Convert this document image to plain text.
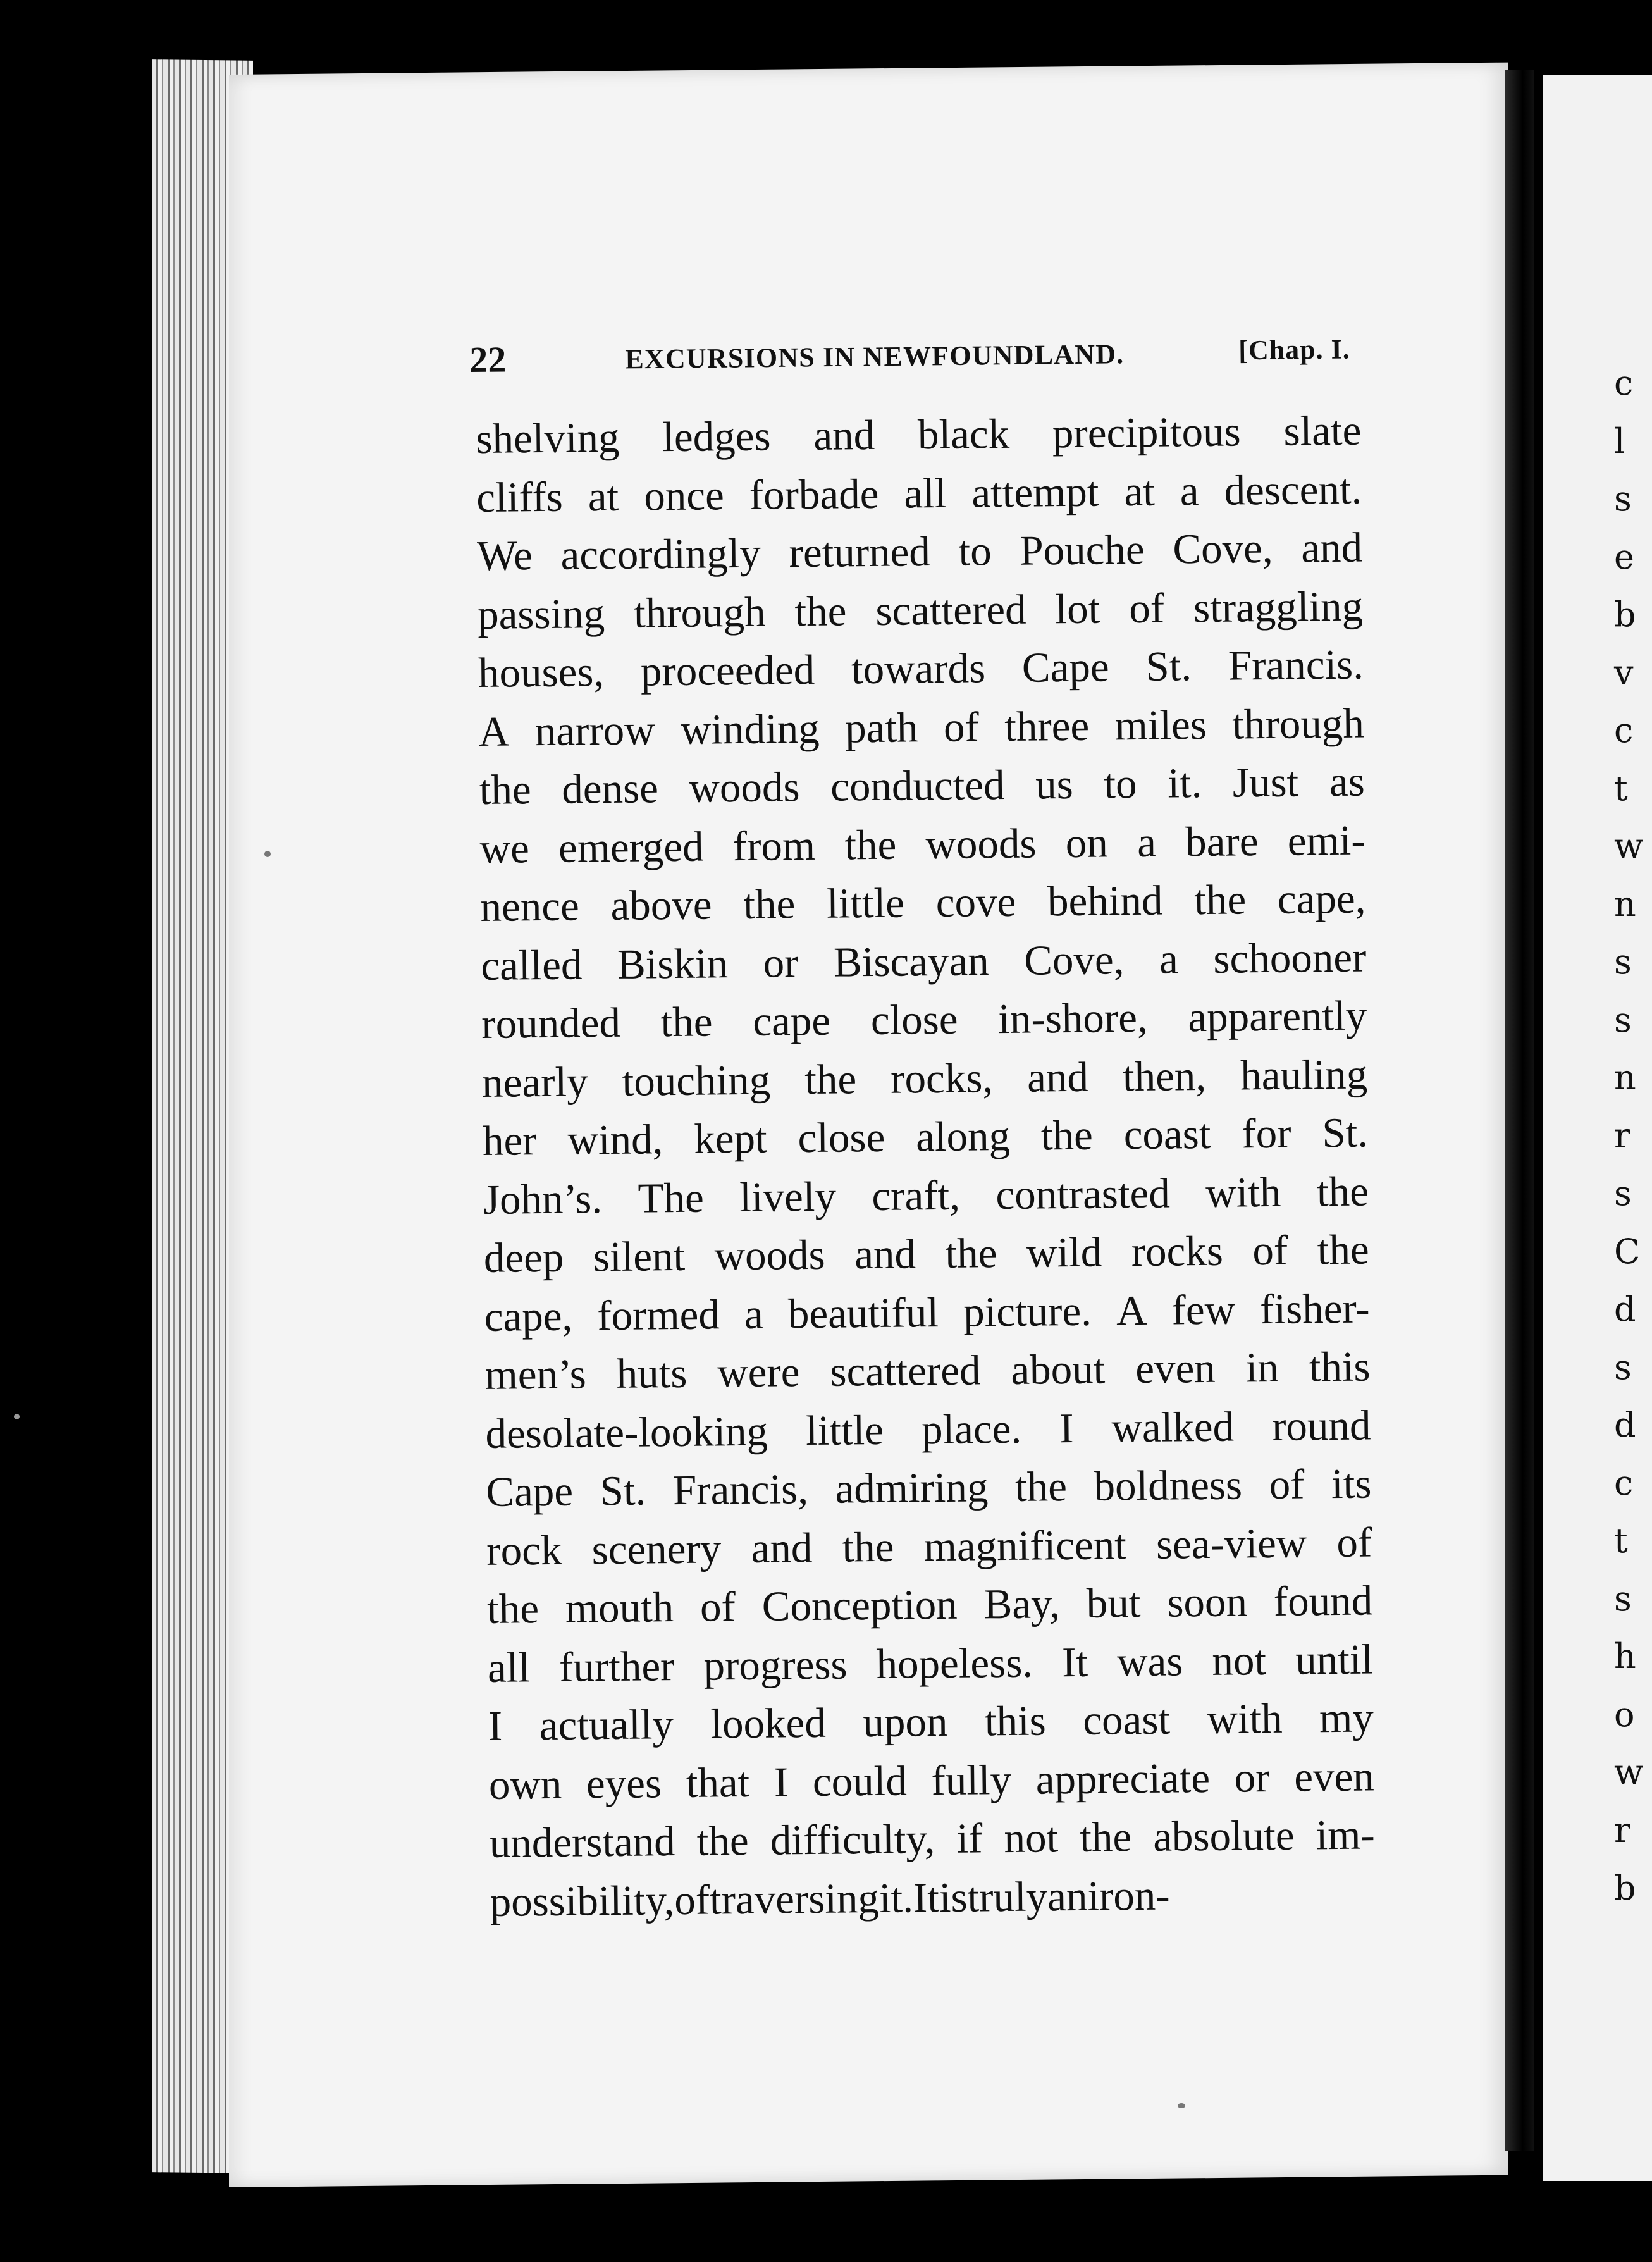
c
l
s
e
b
v
c
t
w
n
s
s
n
r
s
C
d
s
d
c
t
s
h
o
w
r
b
22	EXCURSIONS IN NEWFOUNDLAND.	[Chap. I.
shelving ledges and black precipitous slate
cliffs at once forbade all attempt at a descent.
We accordingly returned to Pouche Cove, and
passing through the scattered lot of straggling
houses, proceeded towards Cape St. Francis.
A narrow winding path of three miles through
the dense woods conducted us to it. Just as
we emerged from the woods on a bare emi-
nence above the little cove behind the cape,
called Biskin or Biscayan Cove, a schooner
rounded the cape close in-shore, apparently
nearly touching the rocks, and then, hauling
her wind, kept close along the coast for St.
John’s. The lively craft, contrasted with the
deep silent woods and the wild rocks of the
cape, formed a beautiful picture. A few fisher-
men’s huts were scattered about even in this
desolate-looking little place. I walked round
Cape St. Francis, admiring the boldness of its
rock scenery and the magnificent sea-view of
the mouth of Conception Bay, but soon found
all further progress hopeless. It was not until
I actually looked upon this coast with my
own eyes that I could fully appreciate or even
understand the difficulty, if not the absolute im-
possibility, of traversing it. It is truly an iron-
